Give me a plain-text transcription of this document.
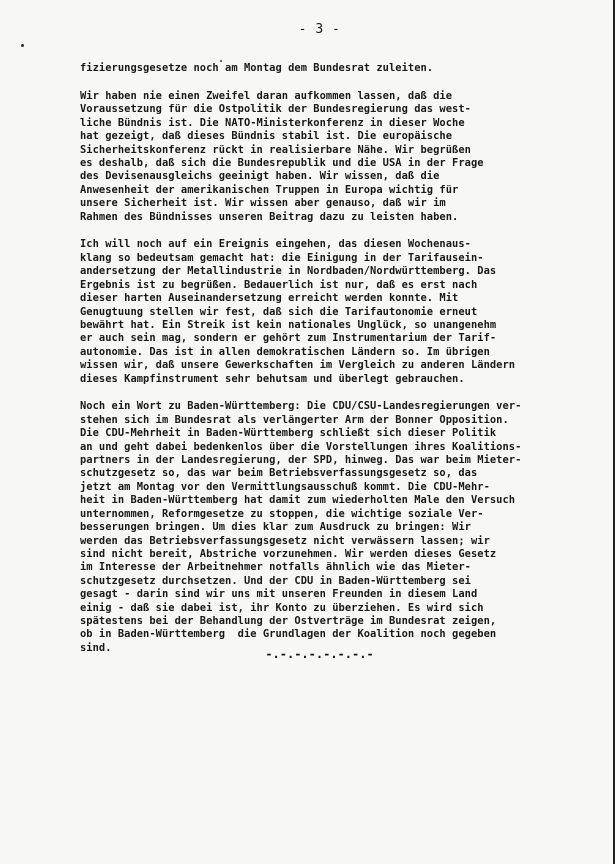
- 3 -
fizierungsgesetze noch am Montag dem Bundesrat zuleiten.
Wir haben nie einen Zweifel daran aufkommen lassen, daß die
Voraussetzung für die Ostpolitik der Bundesregierung das west-
liche Bündnis ist. Die NATO-Ministerkonferenz in dieser Woche
hat gezeigt, daß dieses Bündnis stabil ist. Die europäische
Sicherheitskonferenz rückt in realisierbare Nähe. Wir begrüßen
es deshalb, daß sich die Bundesrepublik und die USA in der Frage
des Devisenausgleichs geeinigt haben. Wir wissen, daß die
Anwesenheit der amerikanischen Truppen in Europa wichtig für
unsere Sicherheit ist. Wir wissen aber genauso, daß wir im
Rahmen des Bündnisses unseren Beitrag dazu zu leisten haben.
Ich will noch auf ein Ereignis eingehen, das diesen Wochenaus-
klang so bedeutsam gemacht hat: die Einigung in der Tarifausein-
andersetzung der Metallindustrie in Nordbaden/Nordwürttemberg. Das
Ergebnis ist zu begrüßen. Bedauerlich ist nur, daß es erst nach
dieser harten Auseinandersetzung erreicht werden konnte. Mit
Genugtuung stellen wir fest, daß sich die Tarifautonomie erneut
bewährt hat. Ein Streik ist kein nationales Unglück, so unangenehm
er auch sein mag, sondern er gehört zum Instrumentarium der Tarif-
autonomie. Das ist in allen demokratischen Ländern so. Im übrigen
wissen wir, daß unsere Gewerkschaften im Vergleich zu anderen Ländern
dieses Kampfinstrument sehr behutsam und überlegt gebrauchen.
Noch ein Wort zu Baden-Württemberg: Die CDU/CSU-Landesregierungen ver-
stehen sich im Bundesrat als verlängerter Arm der Bonner Opposition.
Die CDU-Mehrheit in Baden-Württemberg schließt sich dieser Politik
an und geht dabei bedenkenlos über die Vorstellungen ihres Koalitions-
partners in der Landesregierung, der SPD, hinweg. Das war beim Mieter-
schutzgesetz so, das war beim Betriebsverfassungsgesetz so, das
jetzt am Montag vor den Vermittlungsausschuß kommt. Die CDU-Mehr-
heit in Baden-Württemberg hat damit zum wiederholten Male den Versuch
unternommen, Reformgesetze zu stoppen, die wichtige soziale Ver-
besserungen bringen. Um dies klar zum Ausdruck zu bringen: Wir
werden das Betriebsverfassungsgesetz nicht verwässern lassen; wir
sind nicht bereit, Abstriche vorzunehmen. Wir werden dieses Gesetz
im Interesse der Arbeitnehmer notfalls ähnlich wie das Mieter-
schutzgesetz durchsetzen. Und der CDU in Baden-Württemberg sei
gesagt - darin sind wir uns mit unseren Freunden in diesem Land
einig - daß sie dabei ist, ihr Konto zu überziehen. Es wird sich
spätestens bei der Behandlung der Ostverträge im Bundesrat zeigen,
ob in Baden-Württemberg  die Grundlagen der Koalition noch gegeben
sind.	-.-.-.-.-.-.-.-
